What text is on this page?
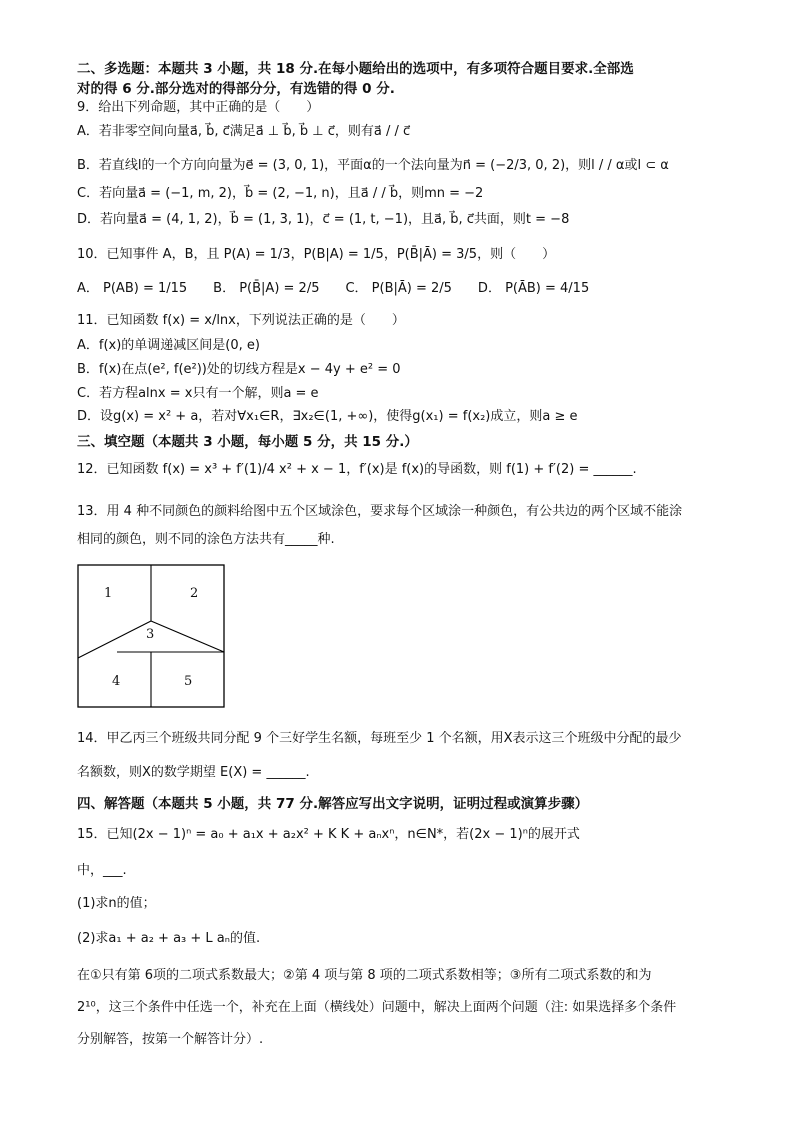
二、多选题：本题共 3 小题，共 18 分.在每小题给出的选项中，有多项符合题目要求.全部选
对的得 6 分.部分选对的得部分分，有选错的得 0 分.
9．给出下列命题，其中正确的是（　　）
A．若非零空间向量a⃗, b⃗, c⃗满足a⃗ ⊥ b⃗, b⃗ ⊥ c⃗，则有a⃗ / / c⃗
B．若直线l的一个方向向量为e⃗ = (3, 0, 1)，平面α的一个法向量为n⃗ = (−2/3, 0, 2)，则l / / α或l ⊂ α
C．若向量a⃗ = (−1, m, 2)，b⃗ = (2, −1, n)，且a⃗ / / b⃗，则mn = −2
D．若向量a⃗ = (4, 1, 2)，b⃗ = (1, 3, 1)，c⃗ = (1, t, −1)，且a⃗, b⃗, c⃗共面，则t = −8
10．已知事件 A，B，且 P(A) = 1/3，P(B|A) = 1/5，P(B̄|Ā) = 3/5，则（　　）
A． P(AB) = 1/15　　B． P(B̄|A) = 2/5　　C． P(B|Ā) = 2/5　　D． P(ĀB) = 4/15
11．已知函数 f(x) = x/lnx，下列说法正确的是（　　）
A．f(x)的单调递减区间是(0, e)
B．f(x)在点(e², f(e²))处的切线方程是x − 4y + e² = 0
C．若方程alnx = x只有一个解，则a = e
D．设g(x) = x² + a，若对∀x₁∈R，∃x₂∈(1, +∞)，使得g(x₁) = f(x₂)成立，则a ≥ e
三、填空题（本题共 3 小题，每小题 5 分，共 15 分.）
12．已知函数 f(x) = x³ + f′(1)/4 x² + x − 1，f′(x)是 f(x)的导函数，则 f(1) + f′(2) = ______.
13．用 4 种不同颜色的颜料给图中五个区域涂色，要求每个区域涂一种颜色，有公共边的两个区域不能涂
相同的颜色，则不同的涂色方法共有_____种.
1	2
3
4	5
14．甲乙丙三个班级共同分配 9 个三好学生名额，每班至少 1 个名额，用X表示这三个班级中分配的最少
名额数，则X的数学期望 E(X) = ______.
四、解答题（本题共 5 小题，共 77 分.解答应写出文字说明，证明过程或演算步骤）
15．已知(2x − 1)ⁿ = a₀ + a₁x + a₂x² + K K + aₙxⁿ，n∈N*，若(2x − 1)ⁿ的展开式
中，___.
(1)求n的值；
(2)求a₁ + a₂ + a₃ + L aₙ的值.
在①只有第 6项的二项式系数最大；②第 4 项与第 8 项的二项式系数相等；③所有二项式系数的和为
2¹⁰，这三个条件中任选一个，补充在上面（横线处）问题中，解决上面两个问题（注: 如果选择多个条件
分别解答，按第一个解答计分）.
